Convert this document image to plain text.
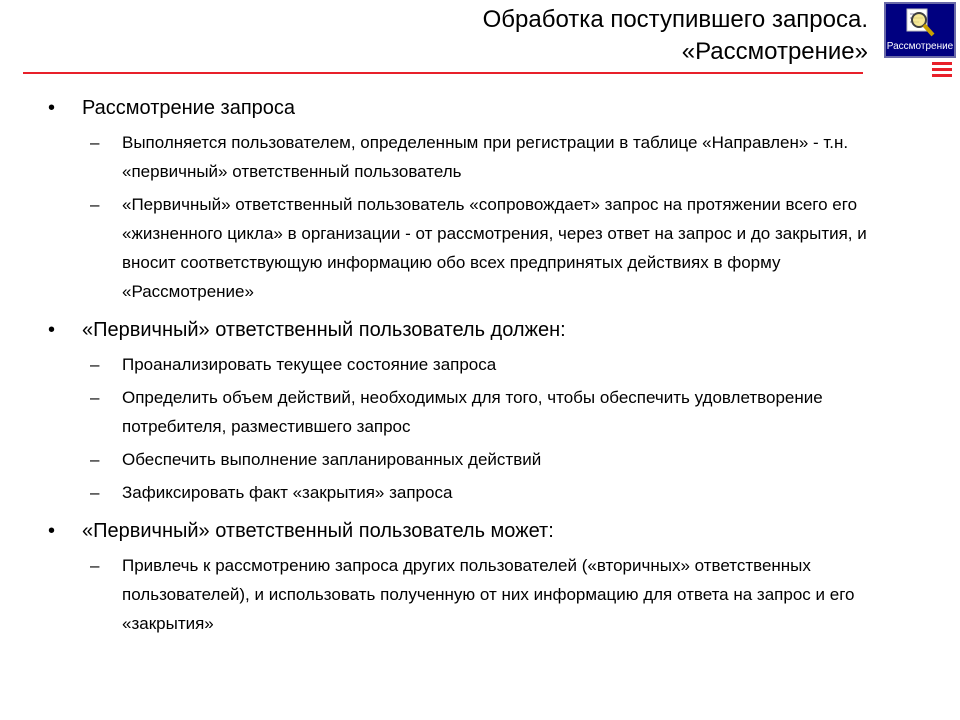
Обработка поступившего запроса.
«Рассмотрение» Рассмотрение
• Рассмотрение запроса
– Выполняется пользователем, определенным при регистрации в таблице «Направлен» - т.н. «первичный» ответственный пользователь
– «Первичный» ответственный пользователь «сопровождает» запрос на протяжении всего его «жизненного цикла» в организации - от рассмотрения, через ответ на запрос и до закрытия, и вносит соответствующую информацию обо всех предпринятых действиях в форму «Рассмотрение»
• «Первичный» ответственный пользователь должен:
– Проанализировать текущее состояние запроса
– Определить объем действий, необходимых для того, чтобы обеспечить удовлетворение потребителя, разместившего запрос
– Обеспечить выполнение запланированных действий
– Зафиксировать факт «закрытия» запроса
• «Первичный» ответственный пользователь может:
– Привлечь к рассмотрению запроса других пользователей («вторичных» ответственных пользователей), и использовать полученную от них информацию для ответа на запрос и его «закрытия»
